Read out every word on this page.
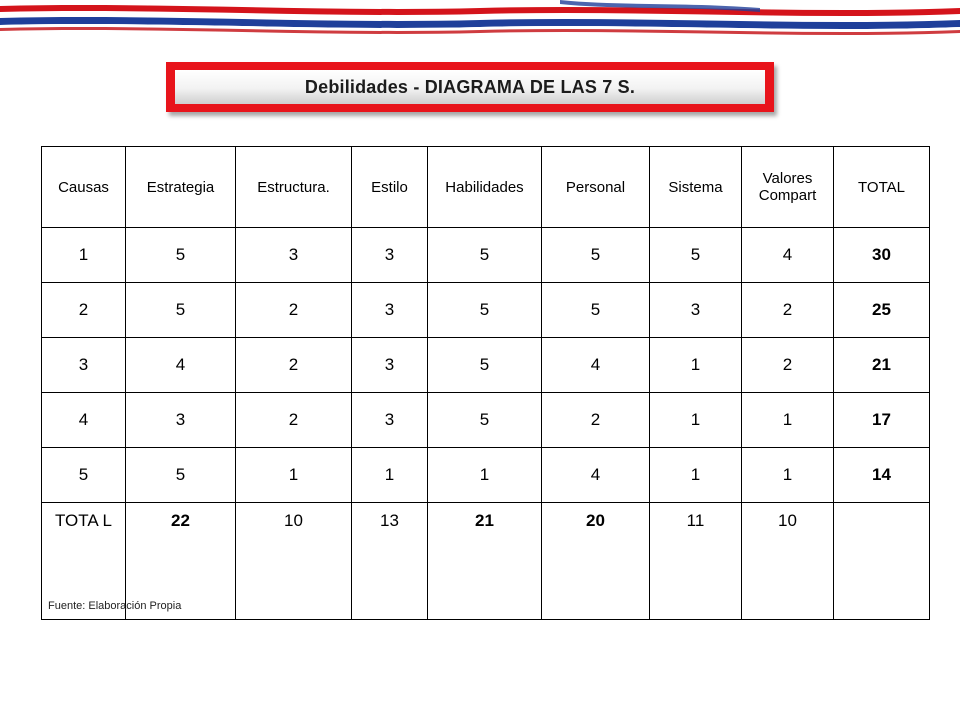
Debilidades - DIAGRAMA DE LAS 7 S.
Causas	Estrategia	Estructura.	Estilo	Habilidades	Personal	Sistema	Valores Compart	TOTAL
1	5	3	3	5	5	5	4	30
2	5	2	3	5	5	3	2	25
3	4	2	3	5	4	1	2	21
4	3	2	3	5	2	1	1	17
5	5	1	1	1	4	1	1	14
TOTA L	22	10	13	21	20	11	10	
Fuente: Elaboración Propia
